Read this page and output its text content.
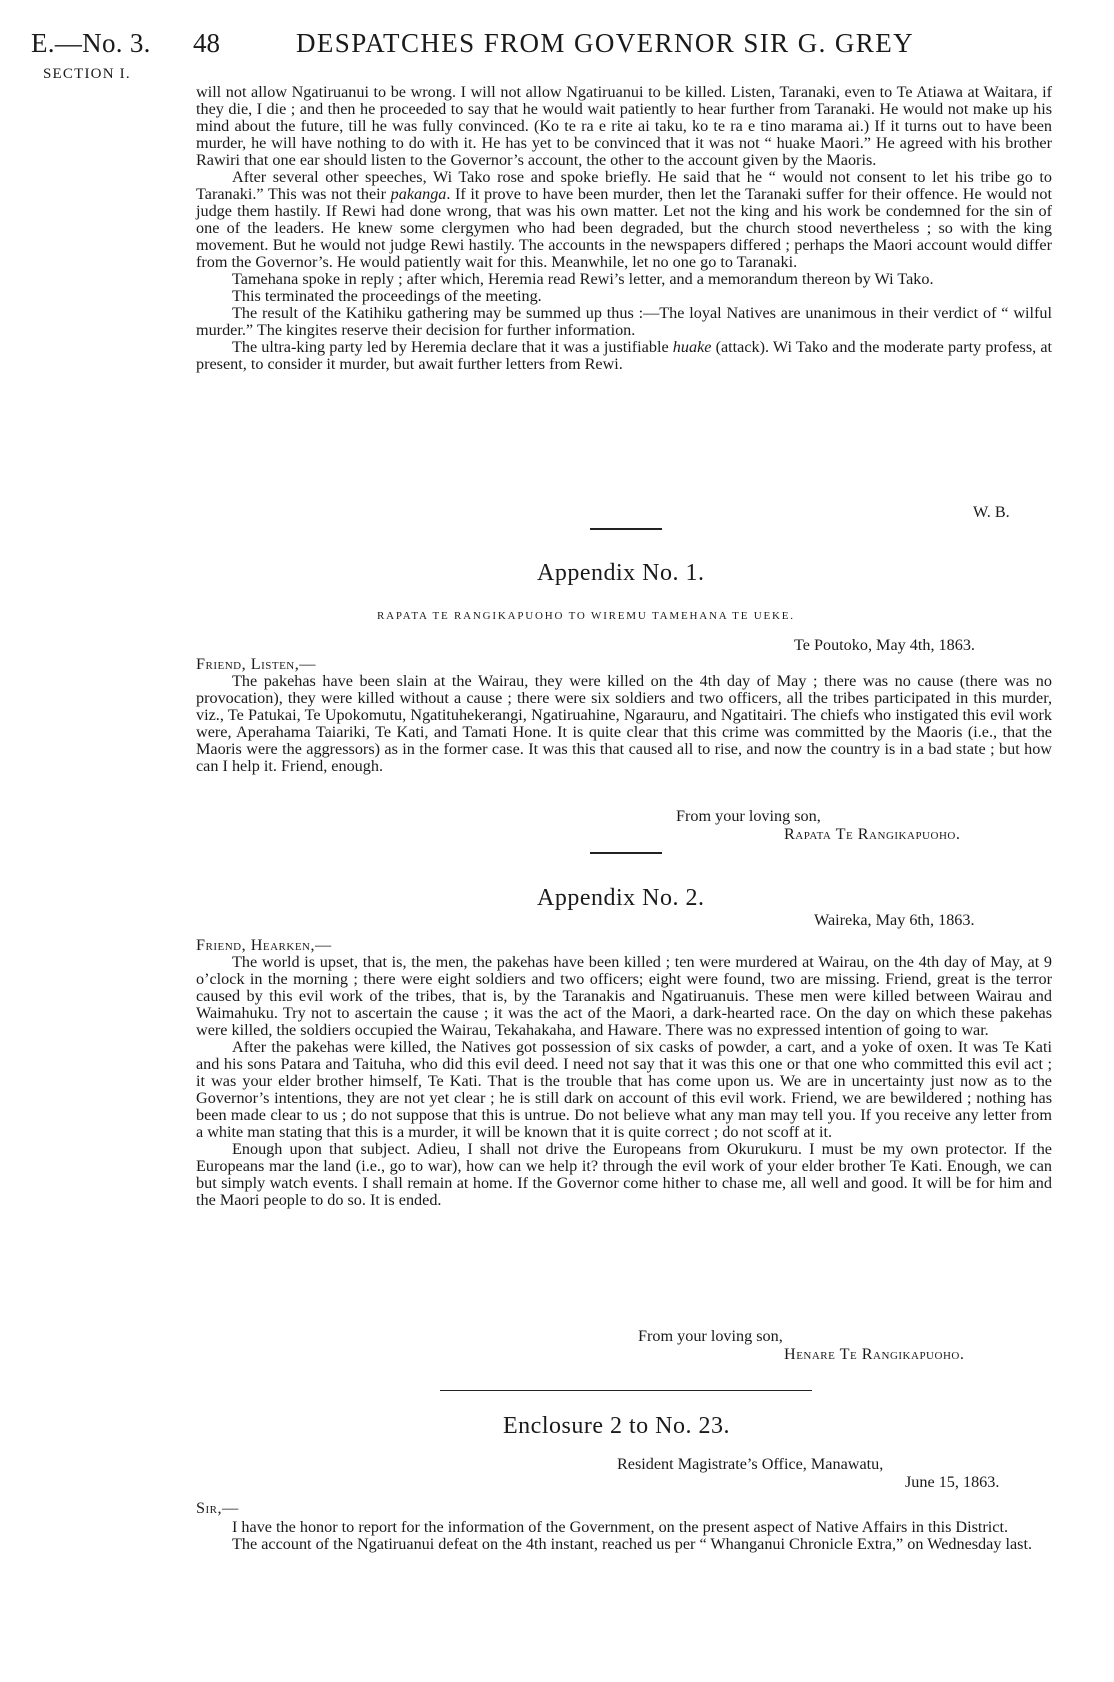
E.—No. 3.
SECTION I.
48	DESPATCHES FROM GOVERNOR SIR G. GREY

will not allow Ngatiruanui to be wrong. I will not allow Ngatiruanui to be killed. Listen, Taranaki, even to Te Atiawa at Waitara, if they die, I die ; and then he proceeded to say that he would wait patiently to hear further from Taranaki. He would not make up his mind about the future, till he was fully convinced. (Ko te ra e rite ai taku, ko te ra e tino marama ai.) If it turns out to have been murder, he will have nothing to do with it. He has yet to be convinced that it was not “ huake Maori.” He agreed with his brother Rawiri that one ear should listen to the Governor’s account, the other to the account given by the Maoris.

After several other speeches, Wi Tako rose and spoke briefly. He said that he “ would not consent to let his tribe go to Taranaki.” This was not their pakanga. If it prove to have been murder, then let the Taranaki suffer for their offence. He would not judge them hastily. If Rewi had done wrong, that was his own matter. Let not the king and his work be condemned for the sin of one of the leaders. He knew some clergymen who had been degraded, but the church stood nevertheless ; so with the king movement. But he would not judge Rewi hastily. The accounts in the newspapers differed ; perhaps the Maori account would differ from the Governor’s. He would patiently wait for this. Meanwhile, let no one go to Taranaki.

Tamehana spoke in reply ; after which, Heremia read Rewi’s letter, and a memorandum thereon by Wi Tako.

This terminated the proceedings of the meeting.

The result of the Katihiku gathering may be summed up thus :—The loyal Natives are unanimous in their verdict of “ wilful murder.” The kingites reserve their decision for further information.

The ultra-king party led by Heremia declare that it was a justifiable huake (attack). Wi Tako and the moderate party profess, at present, to consider it murder, but await further letters from Rewi.

W. B.
Appendix No. 1.
RAPATA TE RANGIKAPUOHO TO WIREMU TAMEHANA TE UEKE.
Te Poutoko, May 4th, 1863.
Friend, Listen,—

The pakehas have been slain at the Wairau, they were killed on the 4th day of May ; there was no cause (there was no provocation), they were killed without a cause ; there were six soldiers and two officers, all the tribes participated in this murder, viz., Te Patukai, Te Upokomutu, Ngatituhekerangi, Ngatiruahine, Ngarauru, and Ngatitairi. The chiefs who instigated this evil work were, Aperahama Taiariki, Te Kati, and Tamati Hone. It is quite clear that this crime was committed by the Maoris (i.e., that the Maoris were the aggressors) as in the former case. It was this that caused all to rise, and now the country is in a bad state ; but how can I help it. Friend, enough.

From your loving son,
Rapata Te Rangikapuoho.
Appendix No. 2.
Waireka, May 6th, 1863.
Friend, Hearken,—

The world is upset, that is, the men, the pakehas have been killed ; ten were murdered at Wairau, on the 4th day of May, at 9 o’clock in the morning ; there were eight soldiers and two officers; eight were found, two are missing. Friend, great is the terror caused by this evil work of the tribes, that is, by the Taranakis and Ngatiruanuis. These men were killed between Wairau and Waimahuku. Try not to ascertain the cause ; it was the act of the Maori, a dark-hearted race. On the day on which these pakehas were killed, the soldiers occupied the Wairau, Tekahakaha, and Haware. There was no expressed intention of going to war.

After the pakehas were killed, the Natives got possession of six casks of powder, a cart, and a yoke of oxen. It was Te Kati and his sons Patara and Taituha, who did this evil deed. I need not say that it was this one or that one who committed this evil act ; it was your elder brother himself, Te Kati. That is the trouble that has come upon us. We are in uncertainty just now as to the Governor’s intentions, they are not yet clear ; he is still dark on account of this evil work. Friend, we are bewildered ; nothing has been made clear to us ; do not suppose that this is untrue. Do not believe what any man may tell you. If you receive any letter from a white man stating that this is a murder, it will be known that it is quite correct ; do not scoff at it.

Enough upon that subject. Adieu, I shall not drive the Europeans from Okurukuru. I must be my own protector. If the Europeans mar the land (i.e., go to war), how can we help it? through the evil work of your elder brother Te Kati. Enough, we can but simply watch events. I shall remain at home. If the Governor come hither to chase me, all well and good. It will be for him and the Maori people to do so. It is ended.

From your loving son,
Henare Te Rangikapuoho.
Enclosure 2 to No. 23.
Resident Magistrate’s Office, Manawatu,
June 15, 1863.
Sir,—

I have the honor to report for the information of the Government, on the present aspect of Native Affairs in this District.

The account of the Ngatiruanui defeat on the 4th instant, reached us per “ Whanganui Chronicle Extra,” on Wednesday last.
